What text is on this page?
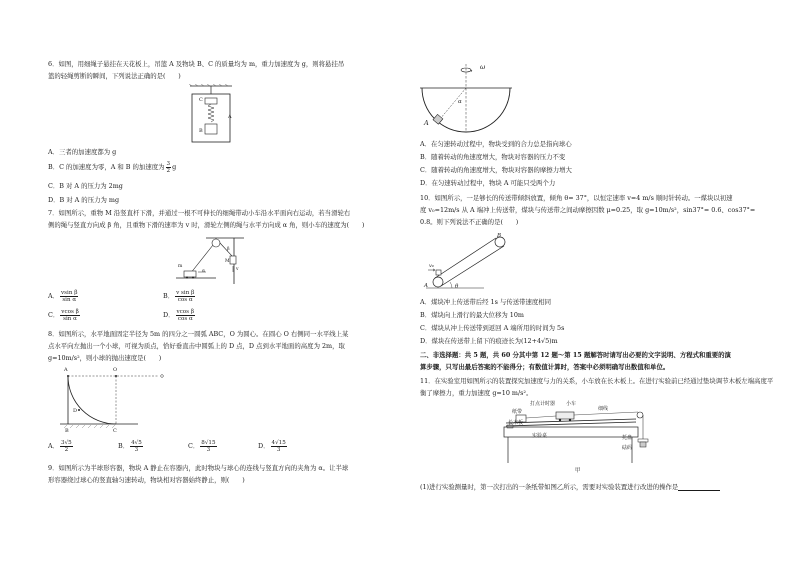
6．如图，用细绳子悬挂在天花板上，吊篮 A 及物块 B、C 的质量均为 m，重力加速度为 g，则将悬挂吊
篮的轻绳剪断的瞬间，下列说法正确的是(　　)
A
C
B
A．三者的加速度都为 g
B．C 的加速度为零，A 和 B 的加速度为 $\frac{3}{2}$ g
C．B 对 A 的压力为 2mg
D．B 对 A 的压力为 mg
7．如图所示，重物 M 沿竖直杆下滑，并通过一根不可伸长的细绳带动小车沿水平面向右运动，若当滑轮右
侧的绳与竖直方向成 β 角，且重物下滑的速率为 v 时，滑轮左侧的绳与水平方向成 α 角，则小车的速度为(　　)
m
M
v
α
β
A． $\frac{\text{vsin β}}{\text{sin α}}$	B． $\frac{\text{v sin β}}{\text{cos α}}$
C． $\frac{\text{vcos β}}{\text{sin α}}$	D． $\frac{\text{vcos β}}{\text{cos α}}$
8．如图所示，水平地面固定半径为 5m 的四分之一圆弧 ABC，O 为圆心。在圆心 O 右侧同一水平线上某
点水平向左抛出一个小球，可视为质点，恰好垂直击中圆弧上的 D 点，D 点到水平地面的高度为 2m，取
g=10m/s²，则小球的抛出速度是(　　)
A	O
D
B	C
A． $\frac{3√5}{2}$	B． $\frac{4√5}{3}$	C． $\frac{8√15}{3}$	D． $\frac{4√15}{3}$
9．如图所示为半球形容器，物块 A 静止在容器内，此时物块与球心的连线与竖直方向的夹角为 α。让半球
形容器绕过球心的竖直轴匀速转动，物块相对容器始终静止，则(　　)
ω
α
A
A．在匀速转动过程中，物块受到的合力总是指向球心
B．随着转动的角速度增大，物块对容器的压力不变
C．随着转动的角速度增大，物块对容器的摩擦力增大
D．在匀速转动过程中，物块 A 可能只受两个力
10．如图所示，一足够长的传送带倾斜放置，倾角 θ= 37°，以恒定速率 v=4 m/s 顺时针转动。一煤块以初速
度 v₀=12m/s 从 A 端冲上传送带，煤块与传送带之间动摩擦因数 μ=0.25，取 g=10m/s²，sin37°= 0.6、cos37°=
0.8。则下列说法不正确的是(　　)
v₀
A
B
θ
A．煤块冲上传送带后经 1s 与传送带速度相同
B．煤块向上滑行的最大位移为 10m
C．煤块从冲上传送带到返回 A 端所用的时间为 5s
D．煤块在传送带上留下的痕迹长为(12+4√5)m
二、非选择题：共 5 题，共 60 分其中第 12 题～第 15 题解答时请写出必要的文字说明、方程式和重要的演
算步骤，只写出最后答案的不能得分；有数值计算时，答案中必须明确写出数值和单位。
11．在实验室用如图所示的装置探究加速度与力的关系，小车放在长木板上。在进行实验前已经通过垫块调节木板左端高度平
衡了摩擦力，重力加速度 g=10 m/s²。
打点计时器 小车
纸带	细线
长木板
实验桌	托盘
砝码
甲
(1)进行实验测量时，第一次打出的一条纸带如图乙所示，需要对实验装置进行改进的操作是
